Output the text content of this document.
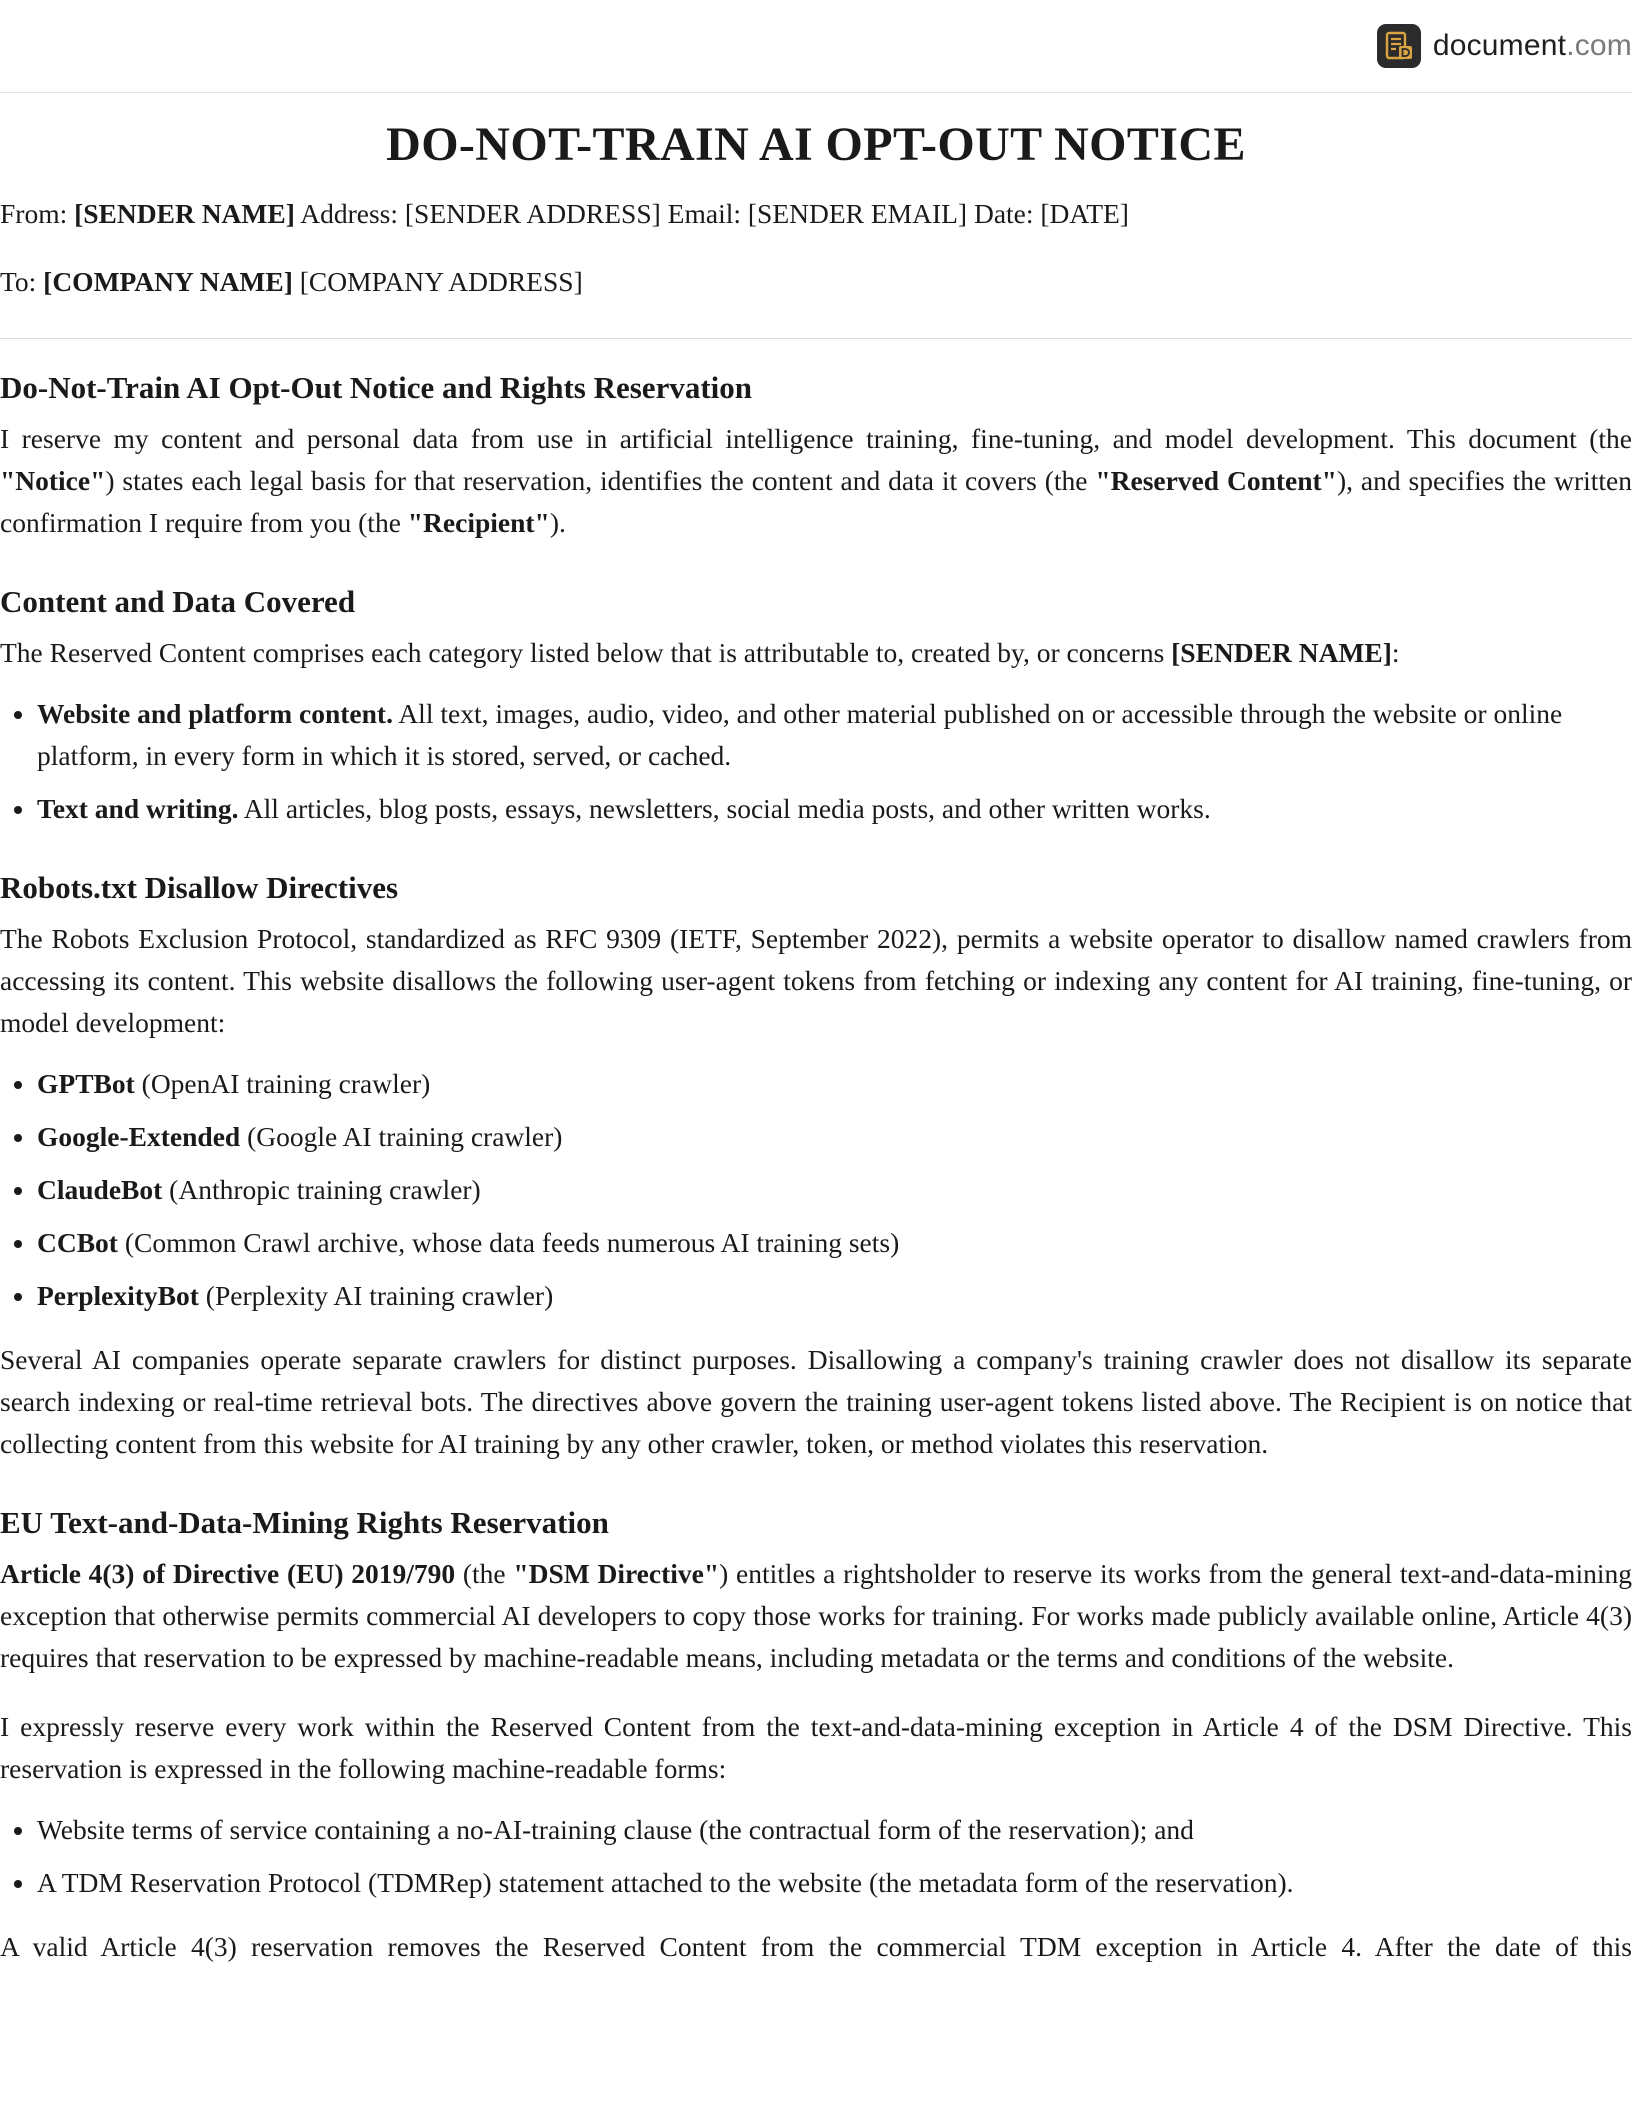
document.com
DO-NOT-TRAIN AI OPT-OUT NOTICE

From: [SENDER NAME] Address: [SENDER ADDRESS] Email: [SENDER EMAIL] Date: [DATE]

To: [COMPANY NAME] [COMPANY ADDRESS]

Do-Not-Train AI Opt-Out Notice and Rights Reservation

I reserve my content and personal data from use in artificial intelligence training, fine-tuning, and model development. This document (the "Notice") states each legal basis for that reservation, identifies the content and data it covers (the "Reserved Content"), and specifies the written confirmation I require from you (the "Recipient").

Content and Data Covered

The Reserved Content comprises each category listed below that is attributable to, created by, or concerns [SENDER NAME]:

• Website and platform content. All text, images, audio, video, and other material published on or accessible through the website or online platform, in every form in which it is stored, served, or cached.
• Text and writing. All articles, blog posts, essays, newsletters, social media posts, and other written works.
Robots.txt Disallow Directives

The Robots Exclusion Protocol, standardized as RFC 9309 (IETF, September 2022), permits a website operator to disallow named crawlers from accessing its content. This website disallows the following user-agent tokens from fetching or indexing any content for AI training, fine-tuning, or model development:

• GPTBot (OpenAI training crawler)
• Google-Extended (Google AI training crawler)
• ClaudeBot (Anthropic training crawler)
• CCBot (Common Crawl archive, whose data feeds numerous AI training sets)
• PerplexityBot (Perplexity AI training crawler)

Several AI companies operate separate crawlers for distinct purposes. Disallowing a company's training crawler does not disallow its separate search indexing or real-time retrieval bots. The directives above govern the training user-agent tokens listed above. The Recipient is on notice that collecting content from this website for AI training by any other crawler, token, or method violates this reservation.

EU Text-and-Data-Mining Rights Reservation

Article 4(3) of Directive (EU) 2019/790 (the "DSM Directive") entitles a rightsholder to reserve its works from the general text-and-data-mining exception that otherwise permits commercial AI developers to copy those works for training. For works made publicly available online, Article 4(3) requires that reservation to be expressed by machine-readable means, including metadata or the terms and conditions of the website.

I expressly reserve every work within the Reserved Content from the text-and-data-mining exception in Article 4 of the DSM Directive. This reservation is expressed in the following machine-readable forms:

• Website terms of service containing a no-AI-training clause (the contractual form of the reservation); and
• A TDM Reservation Protocol (TDMRep) statement attached to the website (the metadata form of the reservation).

A valid Article 4(3) reservation removes the Reserved Content from the commercial TDM exception in Article 4. After the date of this
